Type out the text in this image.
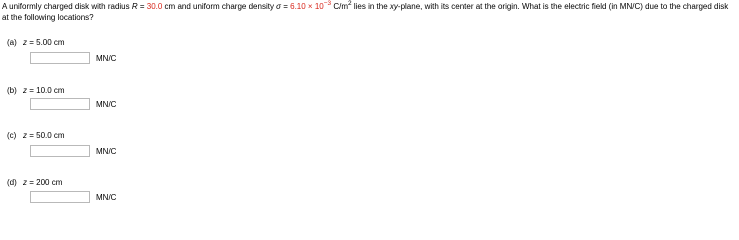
A uniformly charged disk with radius R = 30.0 cm and uniform charge density $\sigma = 6.10 \times 10^{-3}$ $C/m^2$ lies in the xy-plane, with its center at the origin. What is the electric field (in MN/C) due to the charged disk at the following locations?
(a) z = 5.00 cm
MN/C
(b) z = 10.0 cm
MN/C
(c) z = 50.0 cm
MN/C
(d) z = 200 cm
MN/C
